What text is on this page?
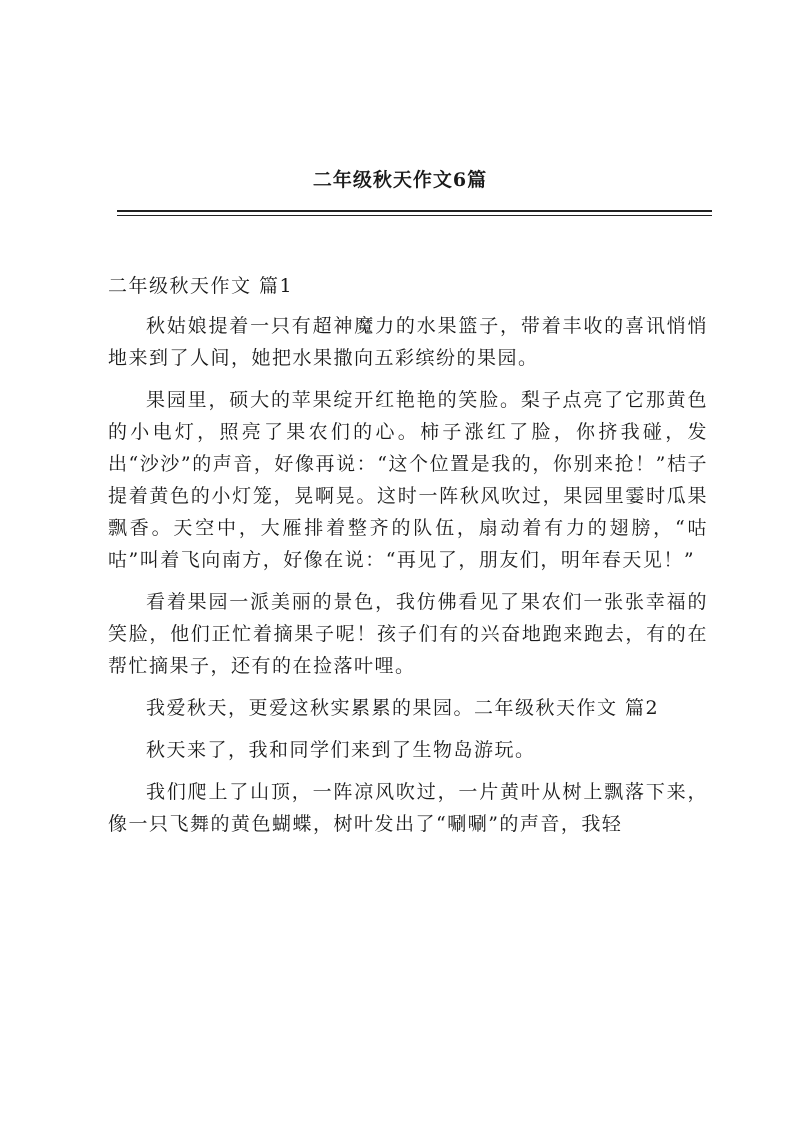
二年级秋天作文6篇

二年级秋天作文 篇1

秋姑娘提着一只有超神魔力的水果篮子，带着丰收的喜讯悄悄地来到了人间，她把水果撒向五彩缤纷的果园。

果园里，硕大的苹果绽开红艳艳的笑脸。梨子点亮了它那黄色的小电灯，照亮了果农们的心。柿子涨红了脸，你挤我碰，发出“沙沙”的声音，好像再说：“这个位置是我的，你别来抢！”桔子提着黄色的小灯笼，晃啊晃。这时一阵秋风吹过，果园里霎时瓜果飘香。天空中，大雁排着整齐的队伍，扇动着有力的翅膀，“咕咕”叫着飞向南方，好像在说：“再见了，朋友们，明年春天见！”

看着果园一派美丽的景色，我仿佛看见了果农们一张张幸福的笑脸，他们正忙着摘果子呢！孩子们有的兴奋地跑来跑去，有的在帮忙摘果子，还有的在捡落叶哩。

我爱秋天，更爱这秋实累累的果园。二年级秋天作文 篇2

秋天来了，我和同学们来到了生物岛游玩。

我们爬上了山顶，一阵凉风吹过，一片黄叶从树上飘落下来，像一只飞舞的黄色蝴蝶，树叶发出了“唰唰”的声音，我轻
